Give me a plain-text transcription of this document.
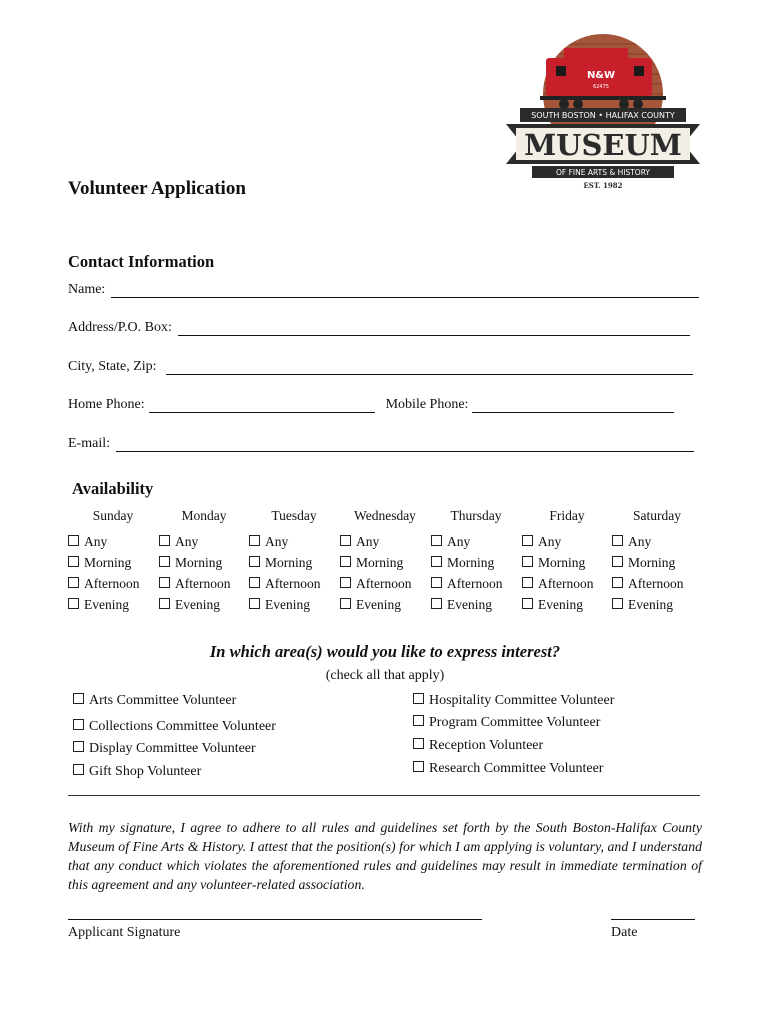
N&W
62475
SOUTH BOSTON • HALIFAX COUNTY
MUSEUM
OF FINE ARTS & HISTORY
EST. 1982
Volunteer Application
Contact Information
Name:
Address/P.O. Box:
City, State, Zip:
Home Phone:	Mobile Phone:
E-mail:
Availability
Sunday
Any
Morning
Afternoon
Evening
Monday
Any
Morning
Afternoon
Evening
Tuesday
Any
Morning
Afternoon
Evening
Wednesday
Any
Morning
Afternoon
Evening
Thursday
Any
Morning
Afternoon
Evening
Friday
Any
Morning
Afternoon
Evening
Saturday
Any
Morning
Afternoon
Evening
In which area(s) would you like to express interest?
(check all that apply)
Arts Committee Volunteer
Collections Committee Volunteer
Display Committee Volunteer
Gift Shop Volunteer
Hospitality Committee Volunteer
Program Committee Volunteer
Reception Volunteer
Research Committee Volunteer
With my signature, I agree to adhere to all rules and guidelines set forth by the South Boston-Halifax County Museum of Fine Arts & History. I attest that the position(s) for which I am applying is voluntary, and I understand that any conduct which violates the aforementioned rules and guidelines may result in immediate termination of this agreement and any volunteer-related association.
Applicant Signature	Date
